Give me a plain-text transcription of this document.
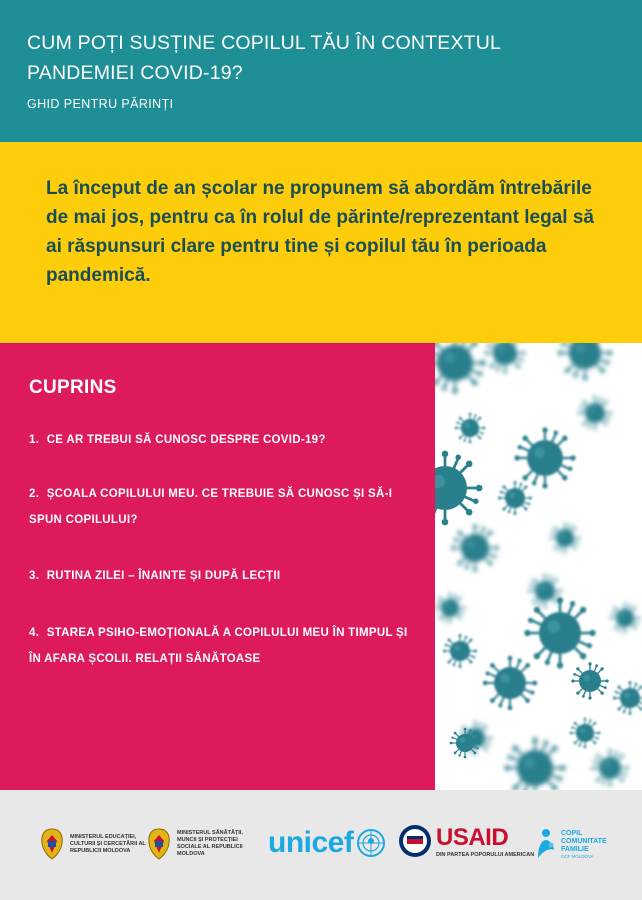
CUM POȚI SUSȚINE COPILUL TĂU ÎN CONTEXTUL PANDEMIEI COVID-19?
GHID PENTRU PĂRINȚI
La început de an școlar ne propunem să abordăm întrebările de mai jos, pentru ca în rolul de părinte/reprezentant legal să ai răspunsuri clare pentru tine și copilul tău în perioada pandemică.
CUPRINS
1. CE AR TREBUI SĂ CUNOSC DESPRE COVID-19?
2. ȘCOALA COPILULUI MEU. CE TREBUIE SĂ CUNOSC ȘI SĂ-I SPUN COPILULUI?
3. RUTINA ZILEI – ÎNAINTE ȘI DUPĂ LECȚII
4. STAREA PSIHO-EMOȚIONALĂ A COPILULUI MEU ÎN TIMPUL ȘI ÎN AFARA ȘCOLII. RELAȚII SĂNĂTOASE
MINISTERUL EDUCAȚIEI, CULTURII ȘI CERCETĂRII AL REPUBLICII MOLDOVA
MINISTERUL SĂNĂTĂȚII, MUNCII ȘI PROTECȚIEI SOCIALE AL REPUBLICII MOLDOVA	unicef	USAID
DIN PARTEA POPORULUI AMERICAN
COPIL
COMUNITATE
FAMILIE
CCF MOLDOVA
